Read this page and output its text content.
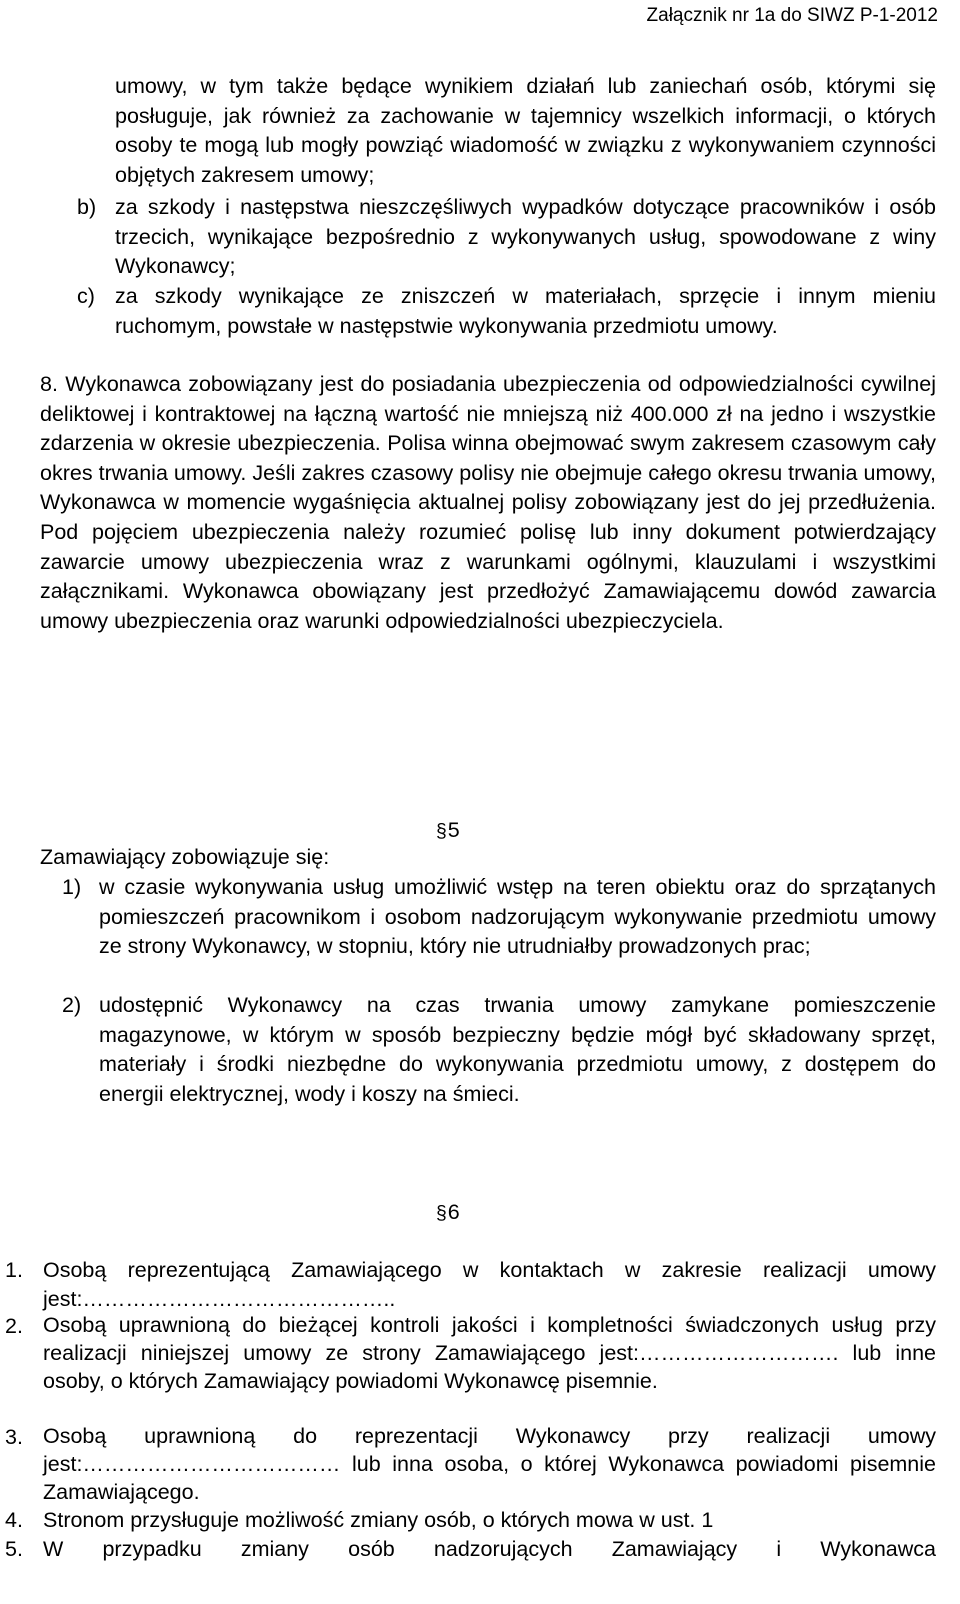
Załącznik nr 1a do SIWZ P-1-2012
umowy, w tym także będące wynikiem działań lub zaniechań osób, którymi się posługuje, jak również za zachowanie w tajemnicy wszelkich informacji, o których osoby te mogą lub mogły powziąć wiadomość w związku z wykonywaniem czynności objętych zakresem umowy;
b) za szkody i następstwa nieszczęśliwych wypadków dotyczące pracowników i osób trzecich, wynikające bezpośrednio z wykonywanych usług, spowodowane z winy Wykonawcy;
c) za szkody wynikające ze zniszczeń w materiałach, sprzęcie i innym mieniu ruchomym, powstałe w następstwie wykonywania przedmiotu umowy.
8. Wykonawca zobowiązany jest do posiadania ubezpieczenia od odpowiedzialności cywilnej deliktowej i kontraktowej na łączną wartość nie mniejszą niż 400.000 zł na jedno i wszystkie zdarzenia w okresie ubezpieczenia. Polisa winna obejmować swym zakresem czasowym cały okres trwania umowy. Jeśli zakres czasowy polisy nie obejmuje całego okresu trwania umowy, Wykonawca w momencie wygaśnięcia aktualnej polisy zobowiązany jest do jej przedłużenia. Pod pojęciem ubezpieczenia należy rozumieć polisę lub inny dokument potwierdzający zawarcie umowy ubezpieczenia wraz z warunkami ogólnymi, klauzulami i wszystkimi załącznikami. Wykonawca obowiązany jest przedłożyć Zamawiającemu dowód zawarcia umowy ubezpieczenia oraz warunki odpowiedzialności ubezpieczyciela.
§5
Zamawiający zobowiązuje się:
1) w czasie wykonywania usług umożliwić wstęp na teren obiektu oraz do sprzątanych pomieszczeń pracownikom i osobom nadzorującym wykonywanie przedmiotu umowy ze strony Wykonawcy, w stopniu, który nie utrudniałby prowadzonych prac;
2) udostępnić Wykonawcy na czas trwania umowy zamykane pomieszczenie magazynowe, w którym w sposób bezpieczny będzie mógł być składowany sprzęt, materiały i środki niezbędne do wykonywania przedmiotu umowy, z dostępem do energii elektrycznej, wody i koszy na śmieci.
§6
1. Osobą reprezentującą Zamawiającego w kontaktach w zakresie realizacji umowy jest:……………………………………..
2. Osobą uprawnioną do bieżącej kontroli jakości i kompletności świadczonych usług przy realizacji niniejszej umowy ze strony Zamawiającego jest:………………………. lub inne osoby, o których Zamawiający powiadomi Wykonawcę pisemnie.
3. Osobą uprawnioną do reprezentacji Wykonawcy przy realizacji umowy jest:……………………………… lub inna osoba, o której Wykonawca powiadomi pisemnie Zamawiającego.
4. Stronom przysługuje możliwość zmiany osób, o których mowa w ust. 1
5. W przypadku zmiany osób nadzorujących Zamawiający i Wykonawca
